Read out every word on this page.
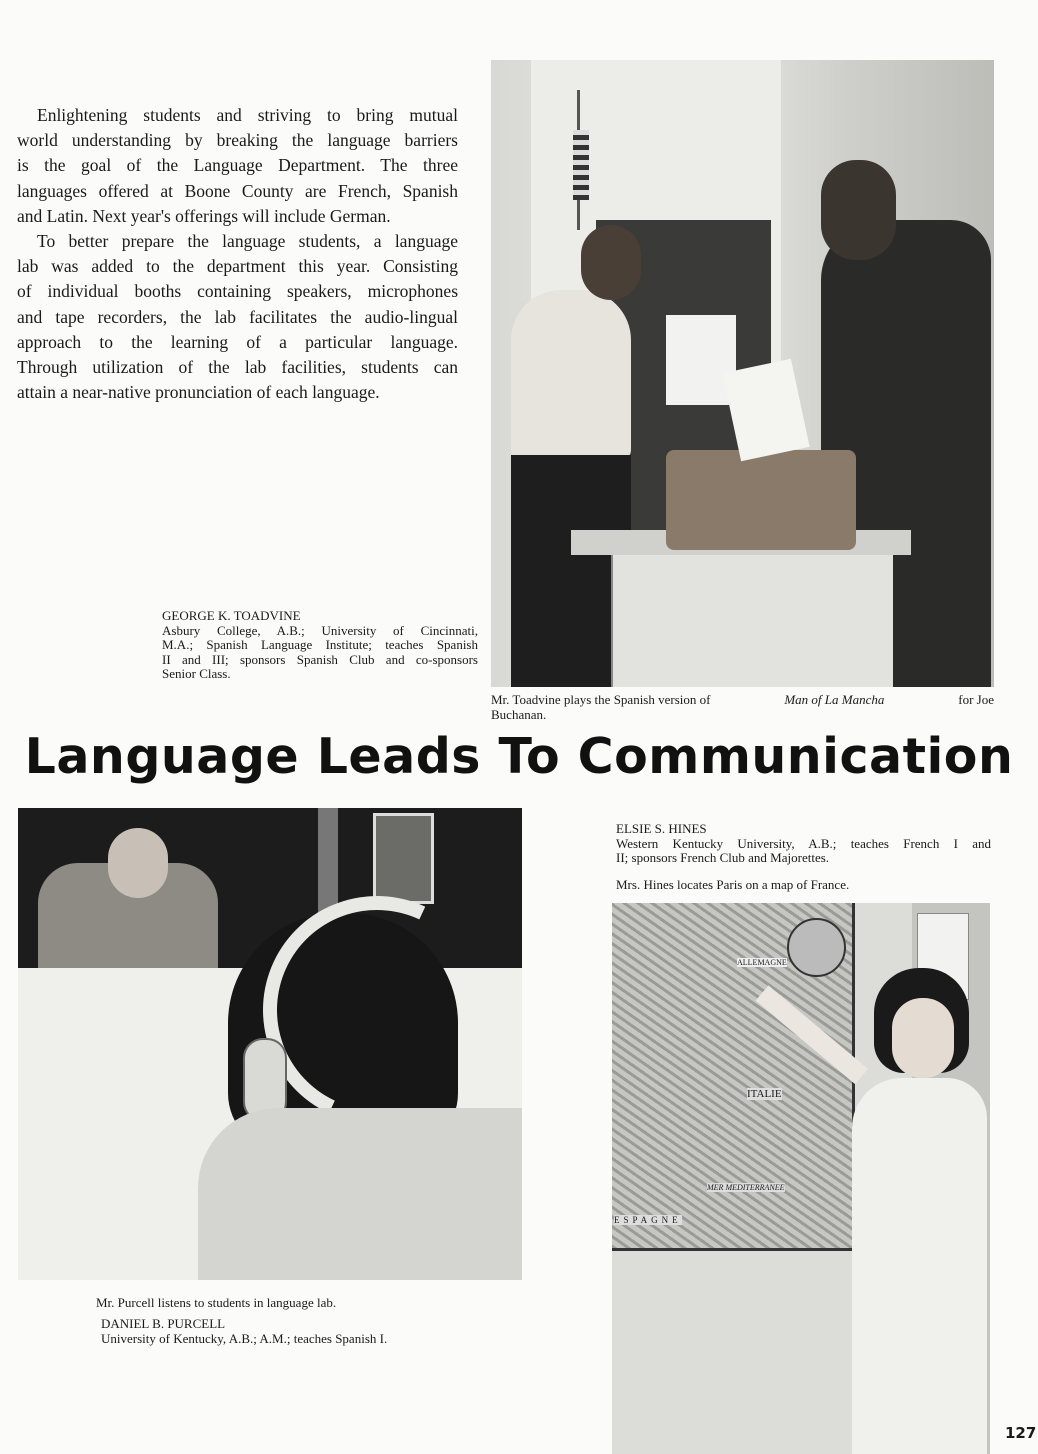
Enlightening students and striving to bring mutual
world understanding by breaking the language barriers
is the goal of the Language Department. The three
languages offered at Boone County are French, Spanish
and Latin. Next year's offerings will include German.
To better prepare the language students, a language
lab was added to the department this year. Consisting
of individual booths containing speakers, microphones
and tape recorders, the lab facilitates the audio-lingual
approach to the learning of a particular language.
Through utilization of the lab facilities, students can
attain a near-native pronunciation of each language.
GEORGE K. TOADVINE
Asbury College, A.B.; University of Cincinnati,
M.A.; Spanish Language Institute; teaches Spanish
II and III; sponsors Spanish Club and co-sponsors
Senior Class.
Mr. Toadvine plays the Spanish version of	Man of La Mancha	for Joe
Buchanan.
Language Leads To Communication
Mr. Purcell listens to students in language lab.
DANIEL B. PURCELL
University of Kentucky, A.B.; A.M.; teaches Spanish I.
ELSIE S. HINES
Western Kentucky University, A.B.; teaches French I and
II; sponsors French Club and Majorettes.
Mrs. Hines locates Paris on a map of France.
ALLEMAGNE
ITALIE
MER MEDITERRANEE
ESPAGNE
127
